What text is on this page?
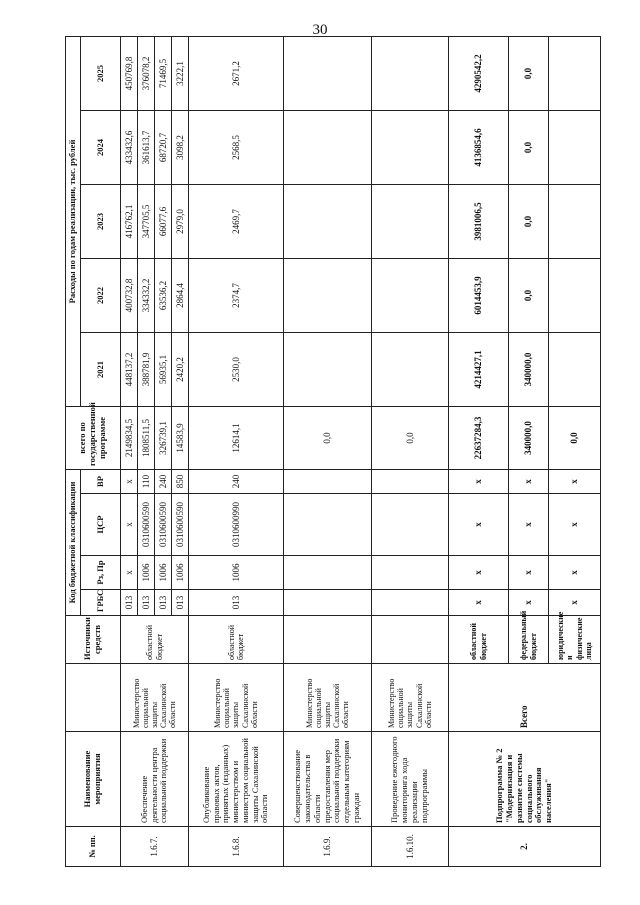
30
№ пп.	Наименование мероприятия		Источники средств	Код бюджетной классификации				всего по государственной программе	Расходы по годам реализации, тыс. рублей				
				ГРБС	Рз, Пр	ЦСР	ВР		2021	2022	2023	2024	2025
1.6.7.	Обеспечение деятельности центра социальной поддержки	Министерство социальной защиты Сахалинской области	областной бюджет	013	x	x	x	2149834,5	448137,2	400732,8	416762,1	433432,6	450769,8
				013	1006	0310600590	110	1808511,5	388781,9	334332,2	347705,5	361613,7	376078,2
				013	1006	0310600590	240	326739,1	56935,1	63536,2	66077,6	68720,7	71469,5
				013	1006	0310600590	850	14583,9	2420,2	2864,4	2979,0	3098,2	3222,1
1.6.8.	Опубликование правовых актов, принятых (изданных) министерством и министром социальной защиты Сахалинской области	Министерство социальной защиты Сахалинской области	областной бюджет	013	1006	0310600990	240	12614,1	2530,0	2374,7	2469,7	2568,5	2671,2
1.6.9.	Совершенствование законодательства в области предоставления мер социальной поддержки отдельным категориям граждан	Министерство социальной защиты Сахалинской области						0,0					
1.6.10.	Проведение ежегодного мониторинга хода реализации подпрограммы	Министерство социальной защиты Сахалинской области						0,0					
2.	Подпрограмма № 2 "Модернизация и развитие системы социального обслуживания населения"	Всего	областной бюджет	x	x	x	x	22637284,3	4214427,1	6014453,9	3981006,5	4136854,6	4290542,2
			федеральный бюджет	x	x	x	x	340000,0	340000,0	0,0	0,0	0,0	0,0
			юридические и физические лица	x	x	x	x	0,0					
